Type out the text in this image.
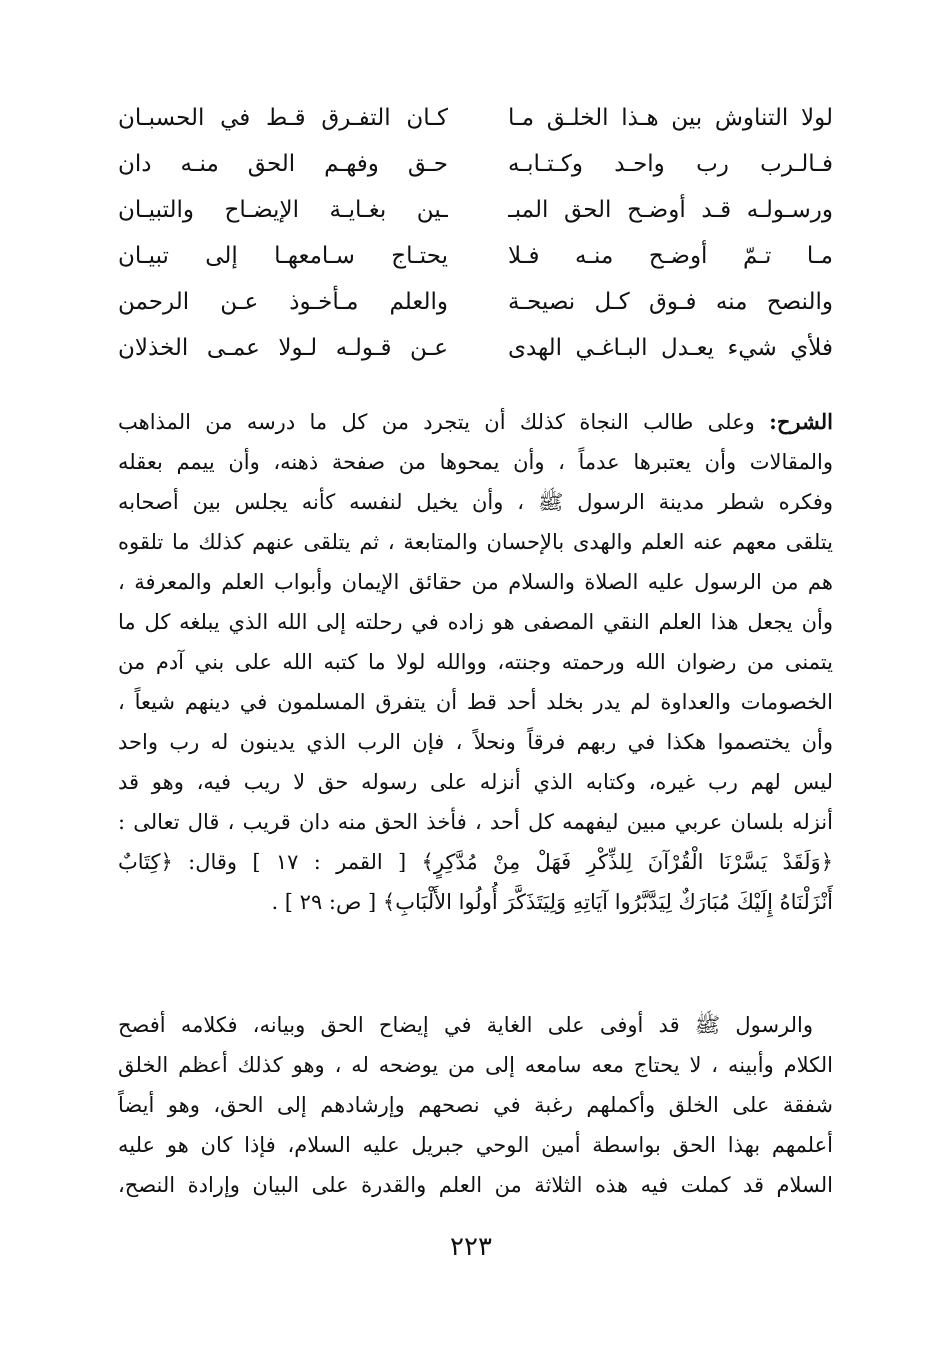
لولا التناوش بين هـذا الخلـق مـا
كـان التفـرق قـط في الحسبـان
فـالـرب رب واحـد وكـتـابـه
حـق وفهـم الحق منـه دان
ورسـولـه قـد أوضـح الحق المبـ
ـين بغـايـة الإيضـاح والتبيـان
مـا تـمّ أوضـح منـه فـلا
يحتـاج سـامعهـا إلى تبيـان
والنصح منه فـوق كـل نصيحـة
والعلم مـأخـوذ عـن الرحمن
فلأي شيء يعـدل البـاغـي الهدى
عـن قـولـه لـولا عمـى الخذلان
الشرح: وعلى طالب النجاة كذلك أن يتجرد من كل ما درسه من المذاهب
والمقالات وأن يعتبرها عدماً ، وأن يمحوها من صفحة ذهنه، وأن ييمم بعقله
وفكره شطر مدينة الرسول ﷺ ، وأن يخيل لنفسه كأنه يجلس بين أصحابه
يتلقى معهم عنه العلم والهدى بالإحسان والمتابعة ، ثم يتلقى عنهم كذلك ما تلقوه
هم من الرسول عليه الصلاة والسلام من حقائق الإيمان وأبواب العلم والمعرفة ،
وأن يجعل هذا العلم النقي المصفى هو زاده في رحلته إلى الله الذي يبلغه كل ما
يتمنى من رضوان الله ورحمته وجنته، ووالله لولا ما كتبه الله على بني آدم من
الخصومات والعداوة لم يدر بخلد أحد قط أن يتفرق المسلمون في دينهم شيعاً ،
وأن يختصموا هكذا في ربهم فرقاً ونحلاً ، فإن الرب الذي يدينون له رب واحد
ليس لهم رب غيره، وكتابه الذي أنزله على رسوله حق لا ريب فيه، وهو قد
أنزله بلسان عربي مبين ليفهمه كل أحد ، فأخذ الحق منه دان قريب ، قال تعالى :
﴿وَلَقَدْ يَسَّرْنَا الْقُرْآنَ لِلذِّكْرِ فَهَلْ مِنْ مُدَّكِرٍ﴾ [ القمر : ١٧ ] وقال: ﴿كِتَابٌ
أَنْزَلْنَاهُ إِلَيْكَ مُبَارَكٌ لِيَدَّبَّرُوا آيَاتِهِ وَلِيَتَذَكَّرَ أُولُوا الأَلْبَابِ﴾ [ ص: ٢٩ ] .
والرسول ﷺ قد أوفى على الغاية في إيضاح الحق وبيانه، فكلامه أفصح
الكلام وأبينه ، لا يحتاج معه سامعه إلى من يوضحه له ، وهو كذلك أعظم الخلق
شفقة على الخلق وأكملهم رغبة في نصحهم وإرشادهم إلى الحق، وهو أيضاً
أعلمهم بهذا الحق بواسطة أمين الوحي جبريل عليه السلام، فإذا كان هو عليه
السلام قد كملت فيه هذه الثلاثة من العلم والقدرة على البيان وإرادة النصح،
٢٢٣
